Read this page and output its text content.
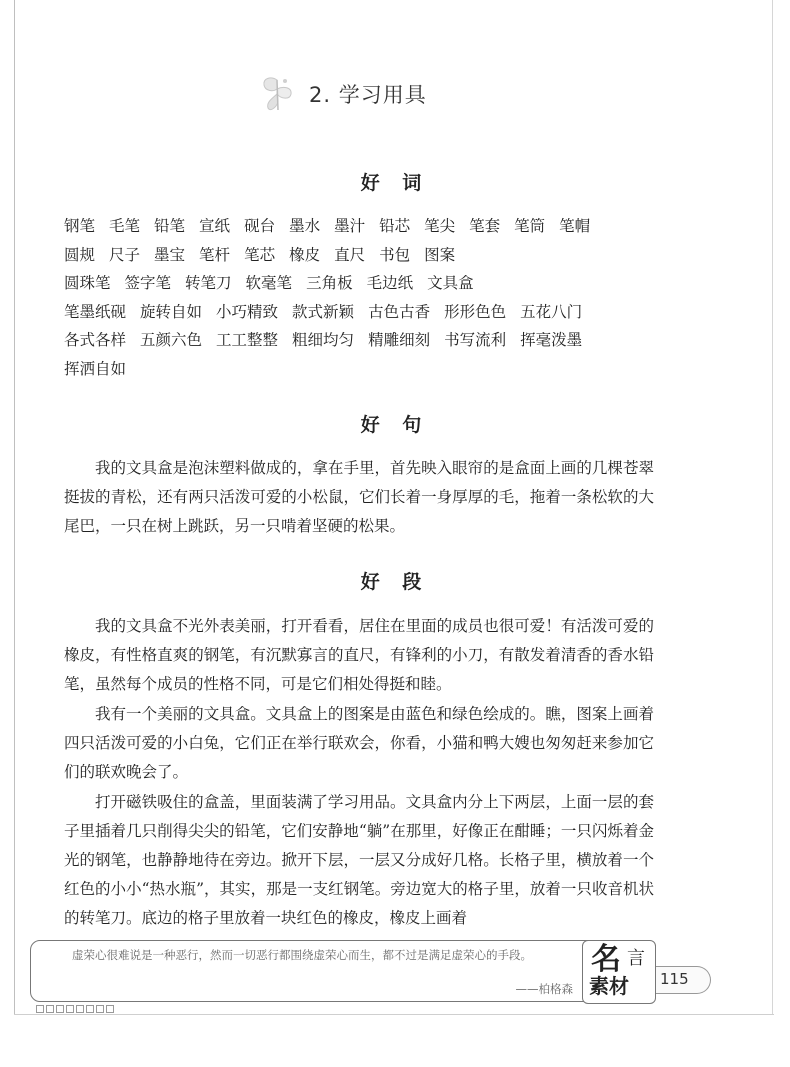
2. 学习用具
好 词
钢笔 毛笔 铅笔 宣纸 砚台 墨水 墨汁 铅芯 笔尖 笔套 笔筒 笔帽
圆规 尺子 墨宝 笔杆 笔芯 橡皮 直尺 书包 图案
圆珠笔 签字笔 转笔刀 软毫笔 三角板 毛边纸 文具盒
笔墨纸砚 旋转自如 小巧精致 款式新颖 古色古香 形形色色 五花八门
各式各样 五颜六色 工工整整 粗细均匀 精雕细刻 书写流利 挥毫泼墨
挥洒自如
好 句

我的文具盒是泡沫塑料做成的，拿在手里，首先映入眼帘的是盒面上画的几棵苍翠挺拔的青松，还有两只活泼可爱的小松鼠，它们长着一身厚厚的毛，拖着一条松软的大尾巴，一只在树上跳跃，另一只啃着坚硬的松果。

好 段

我的文具盒不光外表美丽，打开看看，居住在里面的成员也很可爱！有活泼可爱的橡皮，有性格直爽的钢笔，有沉默寡言的直尺，有锋利的小刀，有散发着清香的香水铅笔，虽然每个成员的性格不同，可是它们相处得挺和睦。

我有一个美丽的文具盒。文具盒上的图案是由蓝色和绿色绘成的。瞧，图案上画着四只活泼可爱的小白兔，它们正在举行联欢会，你看，小猫和鸭大嫂也匆匆赶来参加它们的联欢晚会了。

打开磁铁吸住的盒盖，里面装满了学习用品。文具盒内分上下两层，上面一层的套子里插着几只削得尖尖的铅笔，它们安静地“躺”在那里，好像正在酣睡；一只闪烁着金光的钢笔，也静静地待在旁边。掀开下层，一层又分成好几格。长格子里，横放着一个红色的小小“热水瓶”，其实，那是一支红钢笔。旁边宽大的格子里，放着一只收音机状的转笔刀。底边的格子里放着一块红色的橡皮，橡皮上画着

虚荣心很难说是一种恶行，然而一切恶行都围绕虚荣心而生，都不过是满足虚荣心的手段。

——柏格森
115
名 言
素材
